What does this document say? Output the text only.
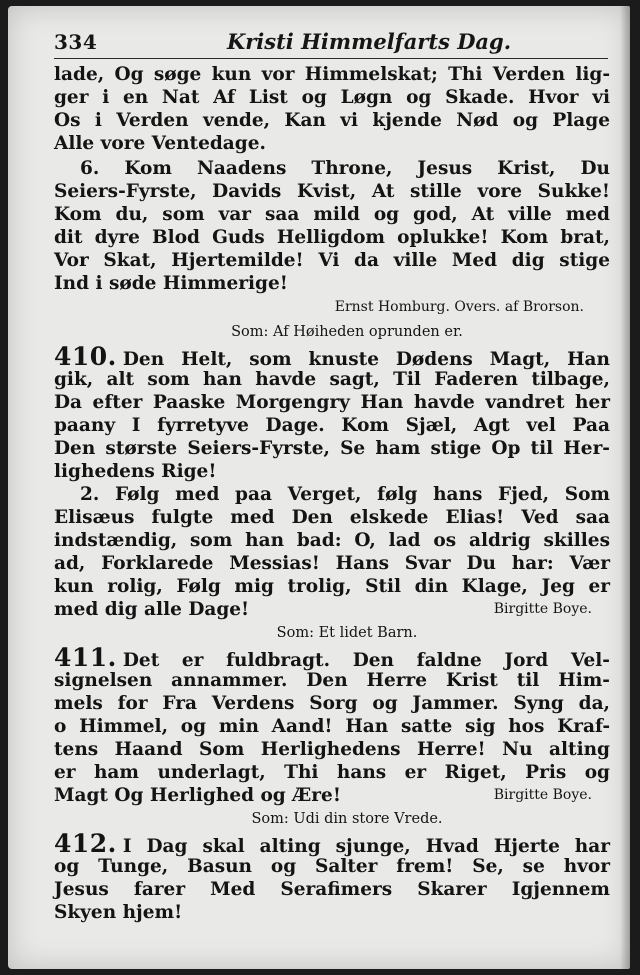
334	Kristi Himmelfarts Dag.
lade, Og søge kun vor Himmelskat; Thi Verden lig-
ger i en Nat Af List og Løgn og Skade. Hvor vi
Os i Verden vende, Kan vi kjende Nød og Plage
Alle vore Ventedage.
6. Kom Naadens Throne, Jesus Krist, Du
Seiers-Fyrste, Davids Kvist, At stille vore Sukke!
Kom du, som var saa mild og god, At ville med
dit dyre Blod Guds Helligdom oplukke! Kom brat,
Vor Skat, Hjertemilde! Vi da ville Med dig stige
Ind i søde Himmerige!
Ernst Homburg. Overs. af Brorson.
Som: Af Høiheden oprunden er.
410. Den Helt, som knuste Dødens Magt, Han
gik, alt som han havde sagt, Til Faderen tilbage,
Da efter Paaske Morgengry Han havde vandret her
paany I fyrretyve Dage. Kom Sjæl, Agt vel Paa
Den største Seiers-Fyrste, Se ham stige Op til Her-
lighedens Rige!
2. Følg med paa Verget, følg hans Fjed, Som
Elisæus fulgte med Den elskede Elias! Ved saa
indstændig, som han bad: O, lad os aldrig skilles
ad, Forklarede Messias! Hans Svar Du har: Vær
kun rolig, Følg mig trolig, Stil din Klage, Jeg er
med dig alle Dage!	Birgitte Boye.
Som: Et lidet Barn.
411. Det er fuldbragt. Den faldne Jord Vel-
signelsen annammer. Den Herre Krist til Him-
mels for Fra Verdens Sorg og Jammer. Syng da,
o Himmel, og min Aand! Han satte sig hos Kraf-
tens Haand Som Herlighedens Herre! Nu alting
er ham underlagt, Thi hans er Riget, Pris og
Magt Og Herlighed og Ære!	Birgitte Boye.
Som: Udi din store Vrede.
412. I Dag skal alting sjunge, Hvad Hjerte har
og Tunge, Basun og Salter frem! Se, se hvor
Jesus farer Med Serafimers Skarer Igjennem
Skyen hjem!
